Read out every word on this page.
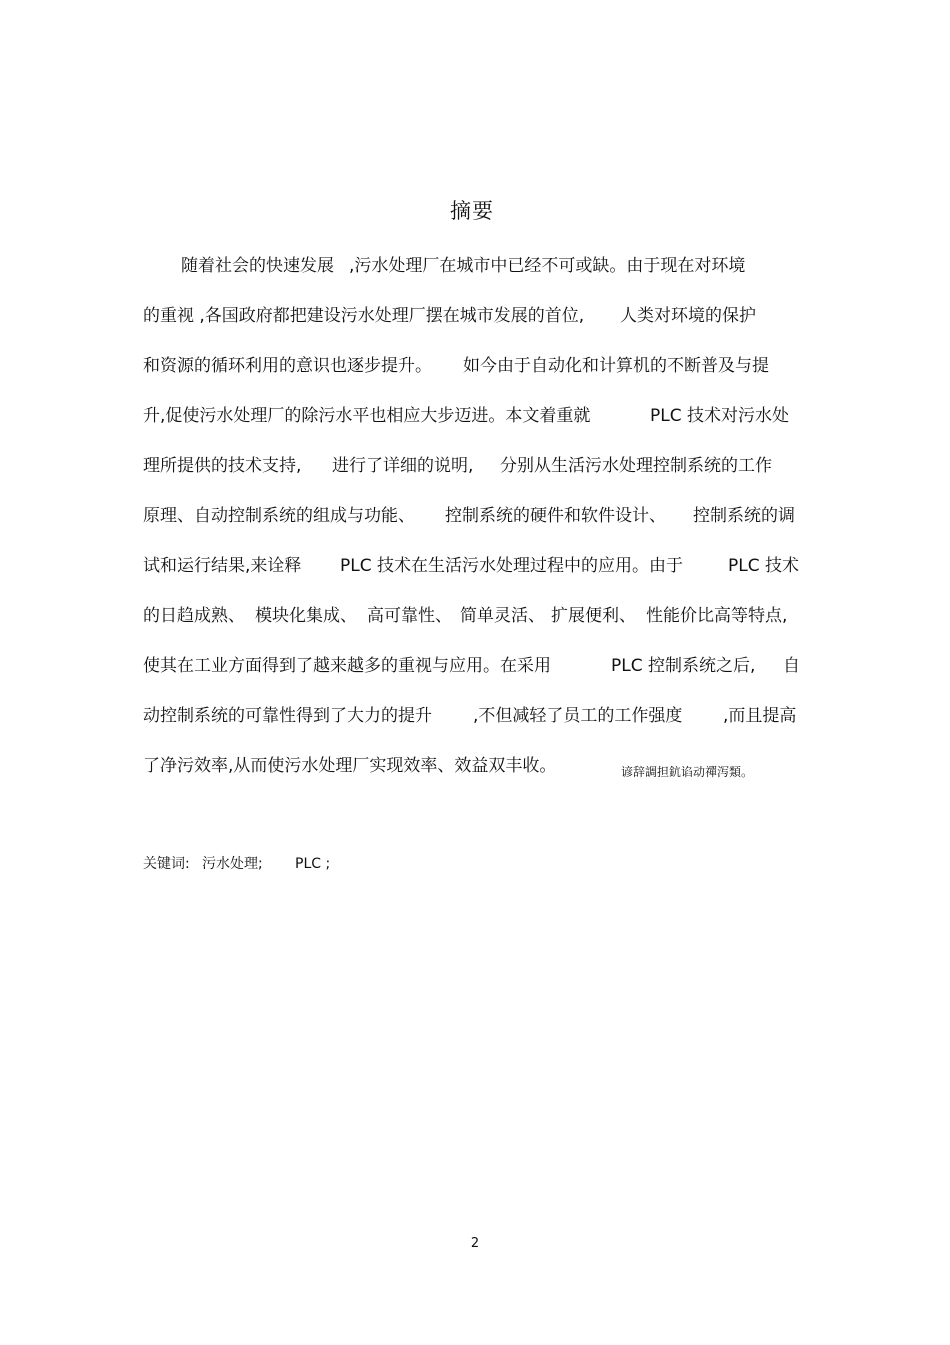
摘要
随着社会的快速发展 ,污水处理厂在城市中已经不可或缺。由于现在对环境
的重视 ,各国政府都把建设污水处理厂摆在城市发展的首位, 人类对环境的保护
和资源的循环利用的意识也逐步提升。 如今由于自动化和计算机的不断普及与提
升,促使污水处理厂的除污水平也相应大步迈进。本文着重就	PLC 技术对污水处
理所提供的技术支持, 进行了详细的说明, 分别从生活污水处理控制系统的工作
原理、自动控制系统的组成与功能、 控制系统的硬件和软件设计、 控制系统的调
试和运行结果,来诠释 PLC 技术在生活污水处理过程中的应用。由于	PLC 技术
的日趋成熟、 模块化集成、 高可靠性、 简单灵活、 扩展便利、 性能价比高等特点,
使其在工业方面得到了越来越多的重视与应用。在采用	PLC 控制系统之后, 自
动控制系统的可靠性得到了大力的提升 ,不但减轻了员工的工作强度 ,而且提高
了净污效率,从而使污水处理厂实现效率、效益双丰收。	谚辞調担鈧谄动禪泻類。
关键词: 污水处理; PLC ;
2
